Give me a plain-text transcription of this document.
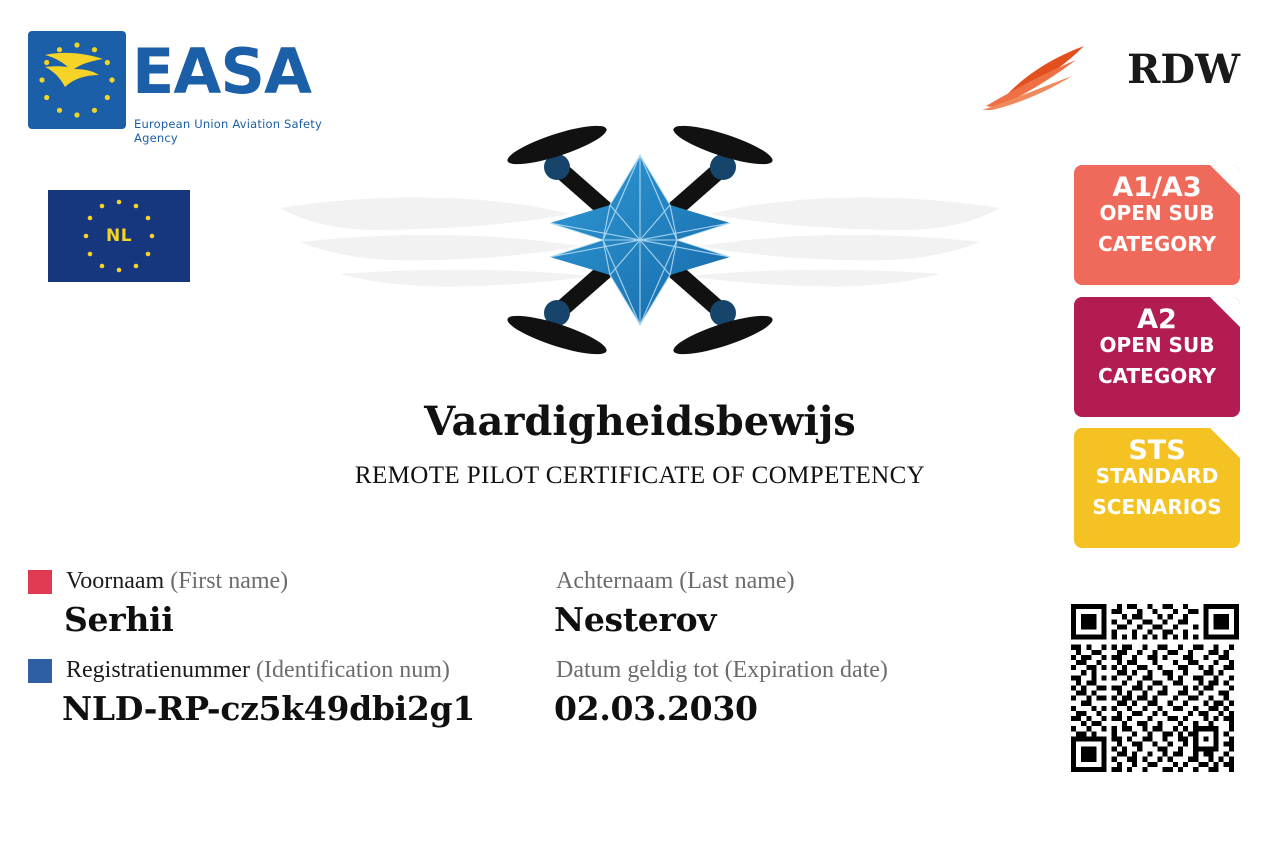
EASA
European Union Aviation Safety Agency
NL
RDW
Vaardigheidsbewijs
REMOTE PILOT CERTIFICATE OF COMPETENCY
A1/A3
OPEN SUB
CATEGORY
A2
OPEN SUB
CATEGORY
STS
STANDARD
SCENARIOS
Voornaam (First name)
Serhii
Achternaam (Last name)
Nesterov
Registratienummer (Identification num)
NLD-RP-cz5k49dbi2g1
Datum geldig tot (Expiration date)
02.03.2030
